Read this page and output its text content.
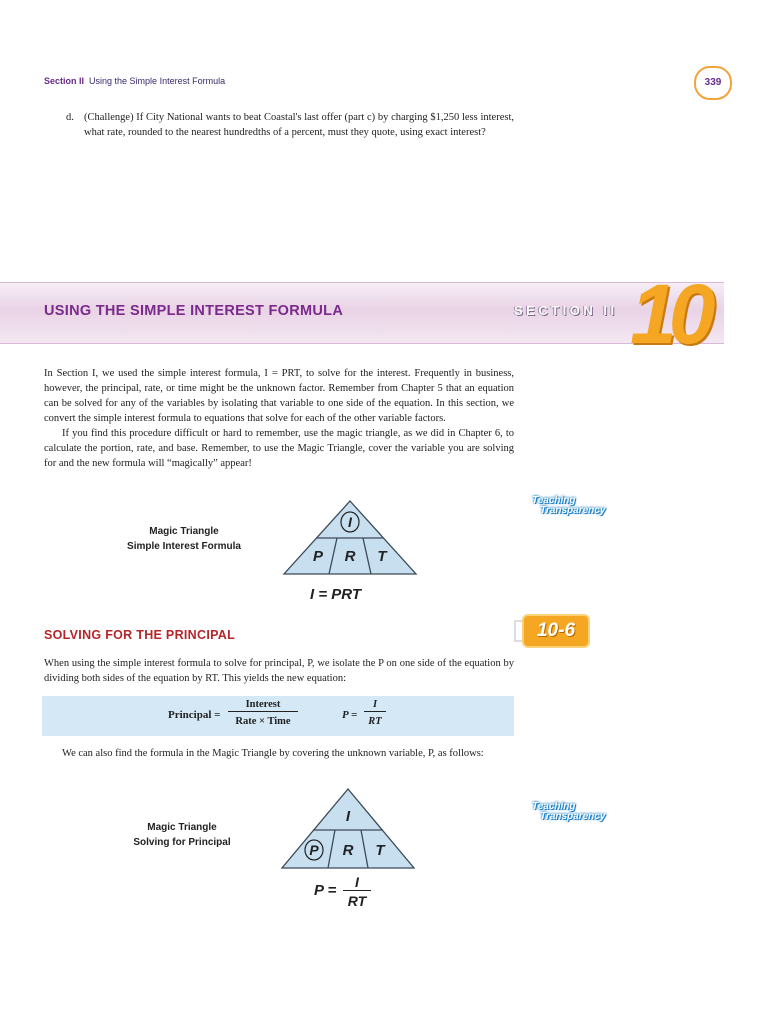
Section II Using the Simple Interest Formula	339
d. (Challenge) If City National wants to beat Coastal's last offer (part c) by charging $1,250 less interest, what rate, rounded to the nearest hundredths of a percent, must they quote, using exact interest?
USING THE SIMPLE INTEREST FORMULA	SECTION II 10
In Section I, we used the simple interest formula, I = PRT, to solve for the interest. Frequently in business, however, the principal, rate, or time might be the unknown factor. Remember from Chapter 5 that an equation can be solved for any of the variables by isolating that variable to one side of the equation. In this section, we convert the simple interest formula to equations that solve for each of the other variable factors.
If you find this procedure difficult or hard to remember, use the magic triangle, as we did in Chapter 6, to calculate the portion, rate, and base. Remember, to use the Magic Triangle, cover the variable you are solving for and the new formula will “magically” appear!
Teaching
Transparency
Magic Triangle
Simple Interest Formula
I
P R T
I = PRT
SOLVING FOR THE PRINCIPAL	10-6
When using the simple interest formula to solve for principal, P, we isolate the P on one side of the equation by dividing both sides of the equation by RT. This yields the new equation:
Principal =
Interest
Rate × Time
P =
I
RT
We can also find the formula in the Magic Triangle by covering the unknown variable, P, as follows:
Teaching
Transparency
Magic Triangle
Solving for Principal
I
P R T
P =	I
RT
